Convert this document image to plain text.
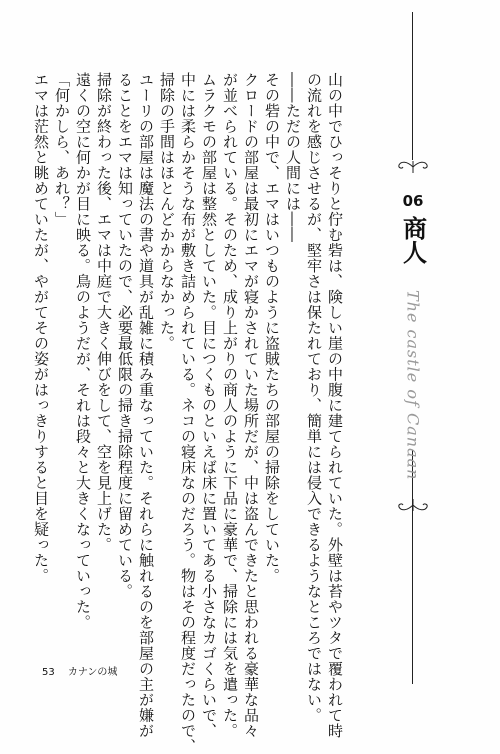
山の中でひっそりと佇む砦は、険しい崖の中腹に建てられていた。外壁は苔やツタで覆われて時

の流れを感じさせるが、堅牢さは保たれており、簡単には侵入できるようなところではない。

――ただの人間には――

その砦の中で、エマはいつものように盗賊たちの部屋の掃除をしていた。

クロードの部屋は最初にエマが寝かされていた場所だが、中は盗んできたと思われる豪華な品々

が並べられている。そのため、成り上がりの商人のように下品に豪華で、掃除には気を遣った。

ムラクモの部屋は整然としていた。目につくものといえば床に置いてある小さなカゴくらいで、

中には柔らかそうな布が敷き詰められている。ネコの寝床なのだろう。物はその程度だったので、

掃除の手間はほとんどかからなかった。

ユーリの部屋は魔法の書や道具が乱雑に積み重なっていた。それらに触れるのを部屋の主が嫌が

ることをエマは知っていたので、必要最低限の掃き掃除程度に留めている。

掃除が終わった後、エマは中庭で大きく伸びをして、空を見上げた。

遠くの空に何かが目に映る。鳥のようだが、それは段々と大きくなっていった。

「何かしら、あれ？」

エマは茫然と眺めていたが、やがてその姿がはっきりすると目を疑った。	06
商人
The castle of Canaan
53 カナンの城
